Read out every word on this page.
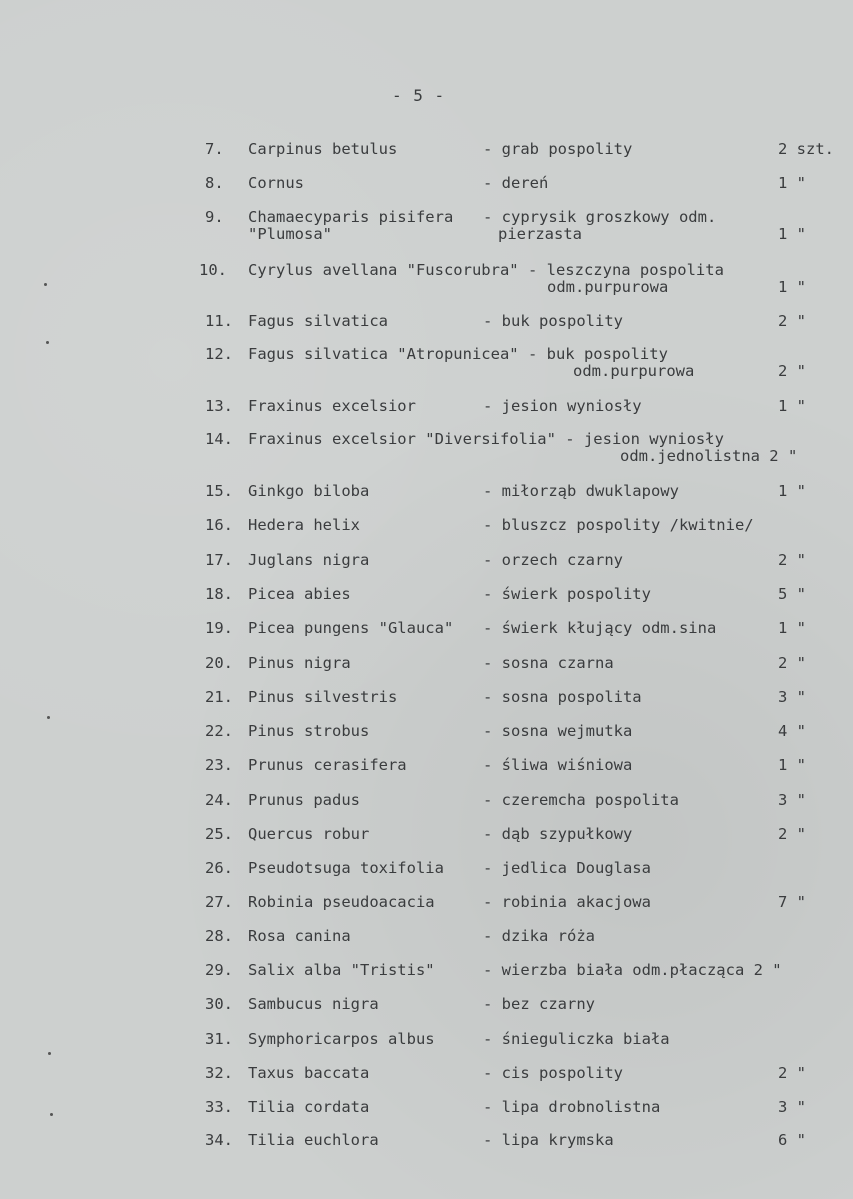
- 5 -
7.	Carpinus betulus	- grab pospolity	2 szt.
8.	Cornus	- dereń	1 "
9.	Chamaecyparis pisifera - cyprysik groszkowy odm.
"Plumosa"	pierzasta	1 "
10.	Cyrylus avellana "Fuscorubra" - leszczyna pospolita
odm.purpurowa	1 "
11. Fagus silvatica	- buk pospolity	2 "
12. Fagus silvatica "Atropunicea" - buk pospolity
odm.purpurowa	2 "
13. Fraxinus excelsior	- jesion wyniosły	1 "
14. Fraxinus excelsior "Diversifolia" - jesion wyniosły
odm.jednolistna 2 "
15. Ginkgo biloba	- miłorząb dwuklapowy	1 "
16. Hedera helix	- bluszcz pospolity /kwitnie/
17. Juglans nigra	- orzech czarny	2 "
18. Picea abies	- świerk pospolity	5 "
19. Picea pungens "Glauca" - świerk kłujący odm.sina	1 "
20. Pinus nigra	- sosna czarna	2 "
21. Pinus silvestris	- sosna pospolita	3 "
22. Pinus strobus	- sosna wejmutka	4 "
23. Prunus cerasifera	- śliwa wiśniowa	1 "
24. Prunus padus	- czeremcha pospolita	3 "
25. Quercus robur	- dąb szypułkowy	2 "
26. Pseudotsuga toxifolia	- jedlica Douglasa
27. Robinia pseudoacacia	- robinia akacjowa	7 "
28. Rosa canina	- dzika róża
29. Salix alba "Tristis"	- wierzba biała odm.płacząca 2 "
30. Sambucus nigra	- bez czarny
31. Symphoricarpos albus	- śnieguliczka biała
32. Taxus baccata	- cis pospolity	2 "
33. Tilia cordata	- lipa drobnolistna	3 "
34. Tilia euchlora	- lipa krymska	6 "
